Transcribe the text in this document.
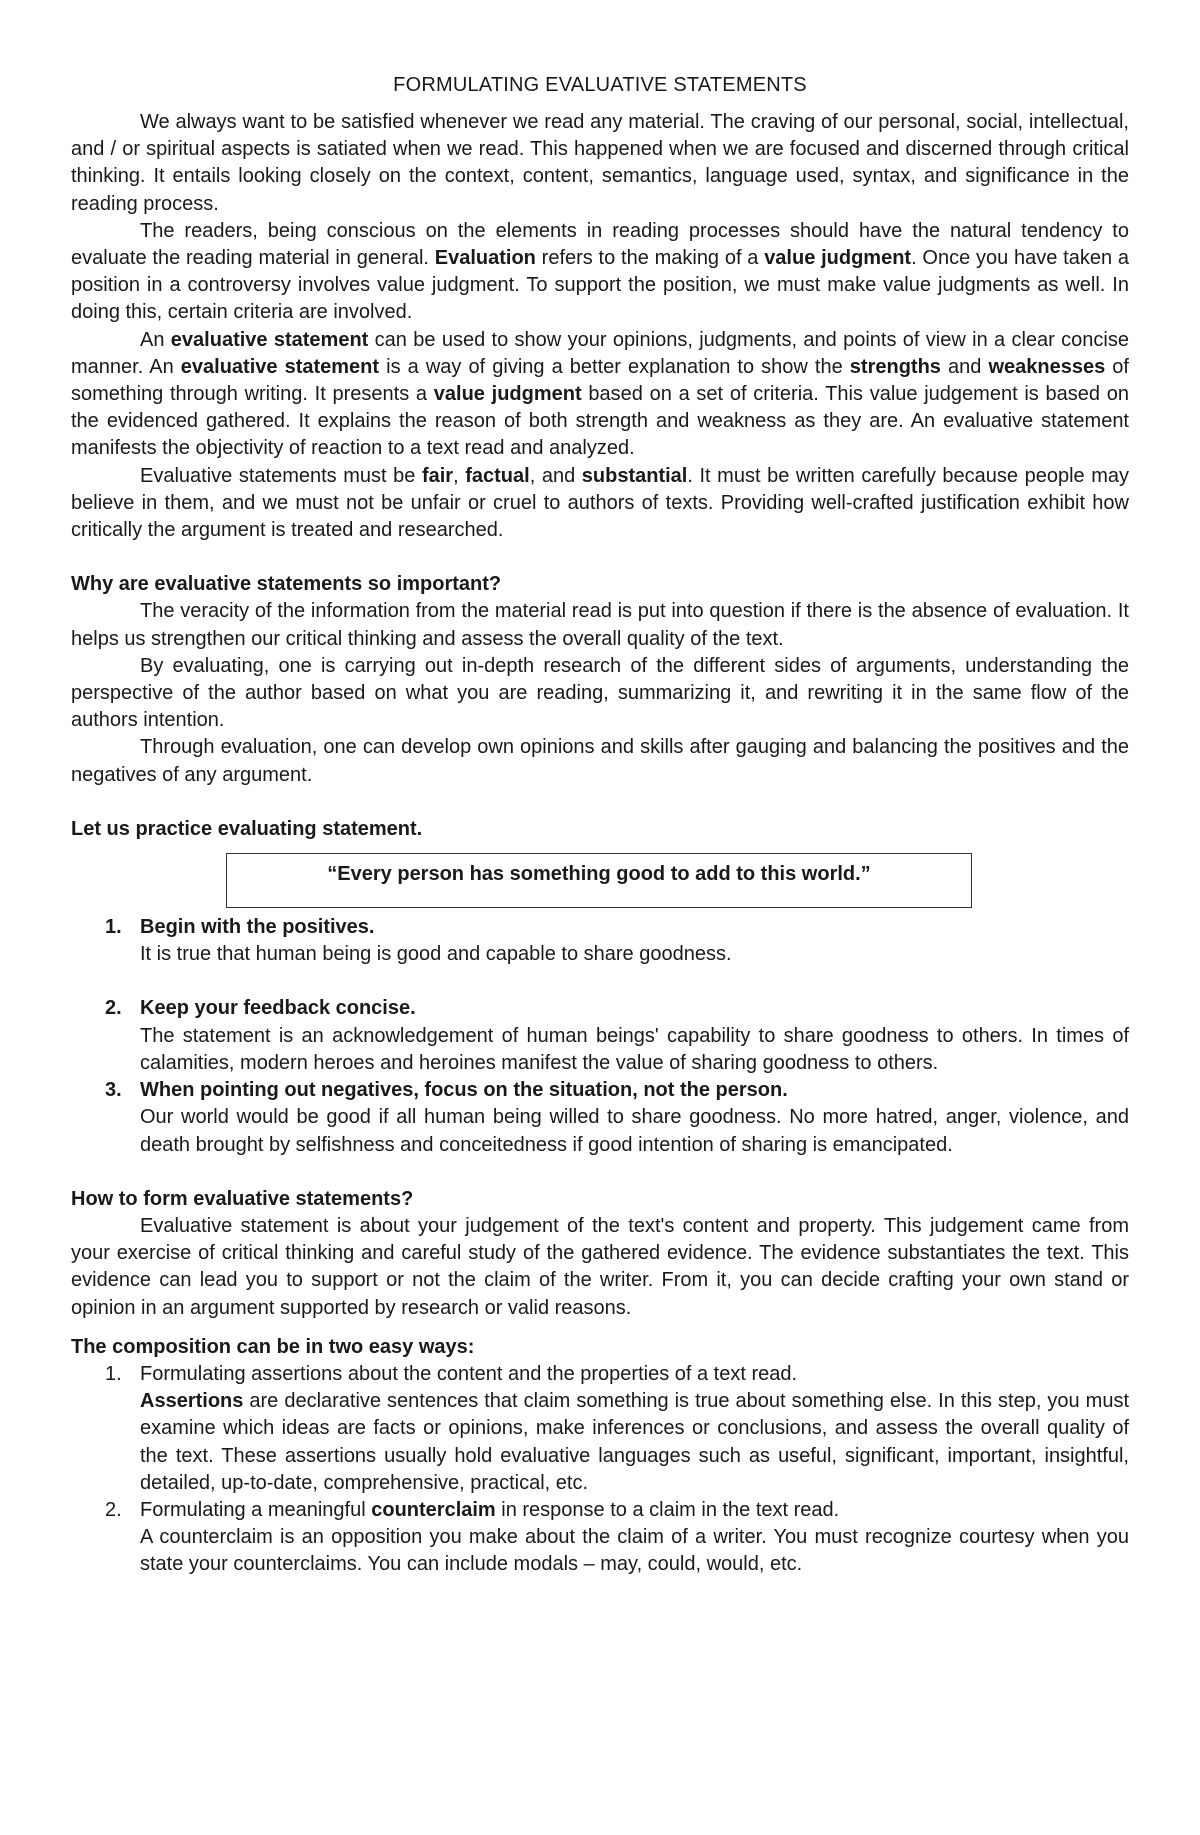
FORMULATING EVALUATIVE STATEMENTS

We always want to be satisfied whenever we read any material. The craving of our personal, social, intellectual, and / or spiritual aspects is satiated when we read. This happened when we are focused and discerned through critical thinking. It entails looking closely on the context, content, semantics, language used, syntax, and significance in the reading process.

The readers, being conscious on the elements in reading processes should have the natural tendency to evaluate the reading material in general. Evaluation refers to the making of a value judgment. Once you have taken a position in a controversy involves value judgment. To support the position, we must make value judgments as well. In doing this, certain criteria are involved.

An evaluative statement can be used to show your opinions, judgments, and points of view in a clear concise manner. An evaluative statement is a way of giving a better explanation to show the strengths and weaknesses of something through writing. It presents a value judgment based on a set of criteria. This value judgement is based on the evidenced gathered. It explains the reason of both strength and weakness as they are. An evaluative statement manifests the objectivity of reaction to a text read and analyzed.

Evaluative statements must be fair, factual, and substantial. It must be written carefully because people may believe in them, and we must not be unfair or cruel to authors of texts. Providing well-crafted justification exhibit how critically the argument is treated and researched.

Why are evaluative statements so important?

The veracity of the information from the material read is put into question if there is the absence of evaluation. It helps us strengthen our critical thinking and assess the overall quality of the text.

By evaluating, one is carrying out in-depth research of the different sides of arguments, understanding the perspective of the author based on what you are reading, summarizing it, and rewriting it in the same flow of the authors intention.

Through evaluation, one can develop own opinions and skills after gauging and balancing the positives and the negatives of any argument.

Let us practice evaluating statement.

“Every person has something good to add to this world.”
1. Begin with the positives.

It is true that human being is good and capable to share goodness.

2. Keep your feedback concise.

The statement is an acknowledgement of human beings' capability to share goodness to others. In times of calamities, modern heroes and heroines manifest the value of sharing goodness to others.

3. When pointing out negatives, focus on the situation, not the person.

Our world would be good if all human being willed to share goodness. No more hatred, anger, violence, and death brought by selfishness and conceitedness if good intention of sharing is emancipated.

How to form evaluative statements?

Evaluative statement is about your judgement of the text's content and property. This judgement came from your exercise of critical thinking and careful study of the gathered evidence. The evidence substantiates the text. This evidence can lead you to support or not the claim of the writer. From it, you can decide crafting your own stand or opinion in an argument supported by research or valid reasons.

The composition can be in two easy ways:

1. Formulating assertions about the content and the properties of a text read.

Assertions are declarative sentences that claim something is true about something else. In this step, you must examine which ideas are facts or opinions, make inferences or conclusions, and assess the overall quality of the text. These assertions usually hold evaluative languages such as useful, significant, important, insightful, detailed, up-to-date, comprehensive, practical, etc.

2. Formulating a meaningful counterclaim in response to a claim in the text read.

A counterclaim is an opposition you make about the claim of a writer. You must recognize courtesy when you state your counterclaims. You can include modals – may, could, would, etc.
